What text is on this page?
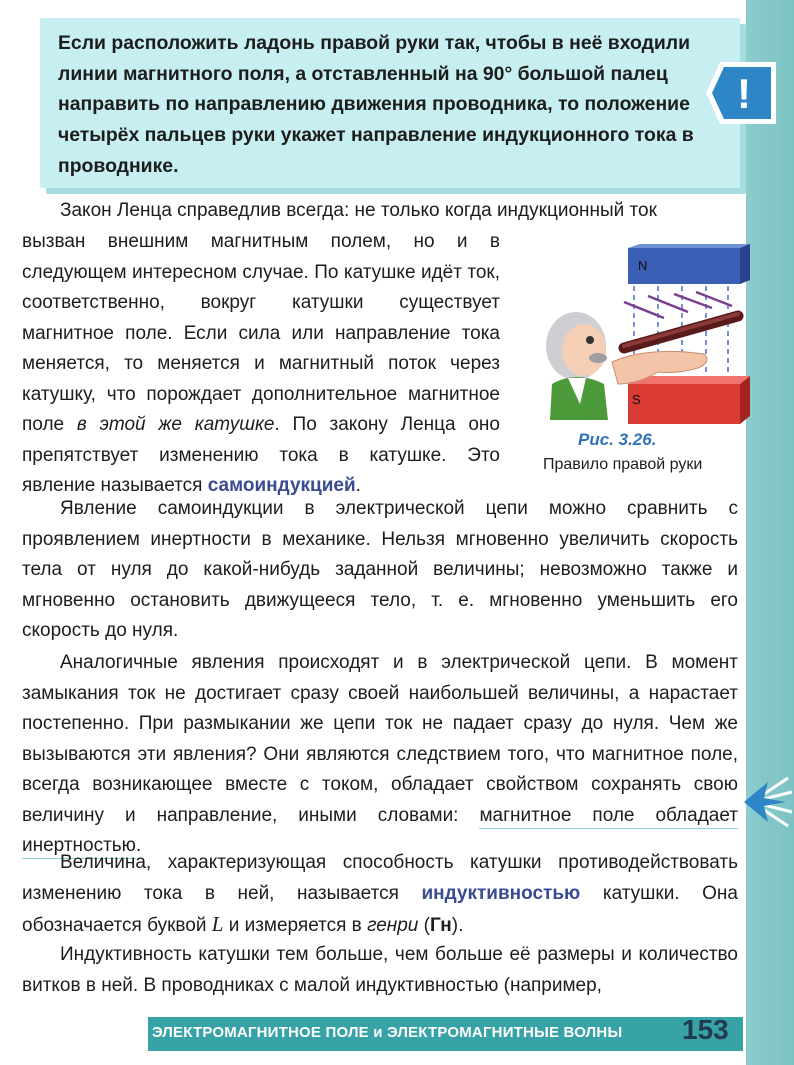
Если расположить ладонь правой руки так, чтобы в неё входили линии магнитного поля, а отставленный на 90° большой палец направить по направлению движения проводника, то положение четырёх пальцев руки укажет направление индукционного тока в проводнике.

!

Закон Ленца справедлив всегда: не только когда индукционный ток

вызван внешним магнитным полем, но и в следующем интересном случае. По катушке идёт ток, соответственно, вокруг катушки существует магнитное поле. Если сила или направление тока меняется, то меняется и магнитный поток через катушку, что порождает дополнительное магнитное поле в этой же катушке. По закону Ленца оно препятствует изменению тока в катушке. Это явление называется самоиндукцией.

N
S
Рис. 3.26.
Правило правой руки

Явление самоиндукции в электрической цепи можно сравнить с проявлением инертности в механике. Нельзя мгновенно увеличить скорость тела от нуля до какой-нибудь заданной величины; невозможно также и мгновенно остановить движущееся тело, т. е. мгновенно уменьшить его скорость до нуля.

Аналогичные явления происходят и в электрической цепи. В момент замыкания ток не достигает сразу своей наибольшей величины, а нарастает постепенно. При размыкании же цепи ток не падает сразу до нуля. Чем же вызываются эти явления? Они являются следствием того, что магнитное поле, всегда возникающее вместе с током, обладает свойством сохранять свою величину и направление, иными словами: магнитное поле обладает инертностью.

Величина, характеризующая способность катушки противодействовать изменению тока в ней, называется индуктивностью катушки. Она обозначается буквой L и измеряется в генри (Гн).

Индуктивность катушки тем больше, чем больше её размеры и количество витков в ней. В проводниках с малой индуктивностью (например,

ЭЛЕКТРОМАГНИТНОЕ ПОЛЕ и ЭЛЕКТРОМАГНИТНЫЕ ВОЛНЫ 153
